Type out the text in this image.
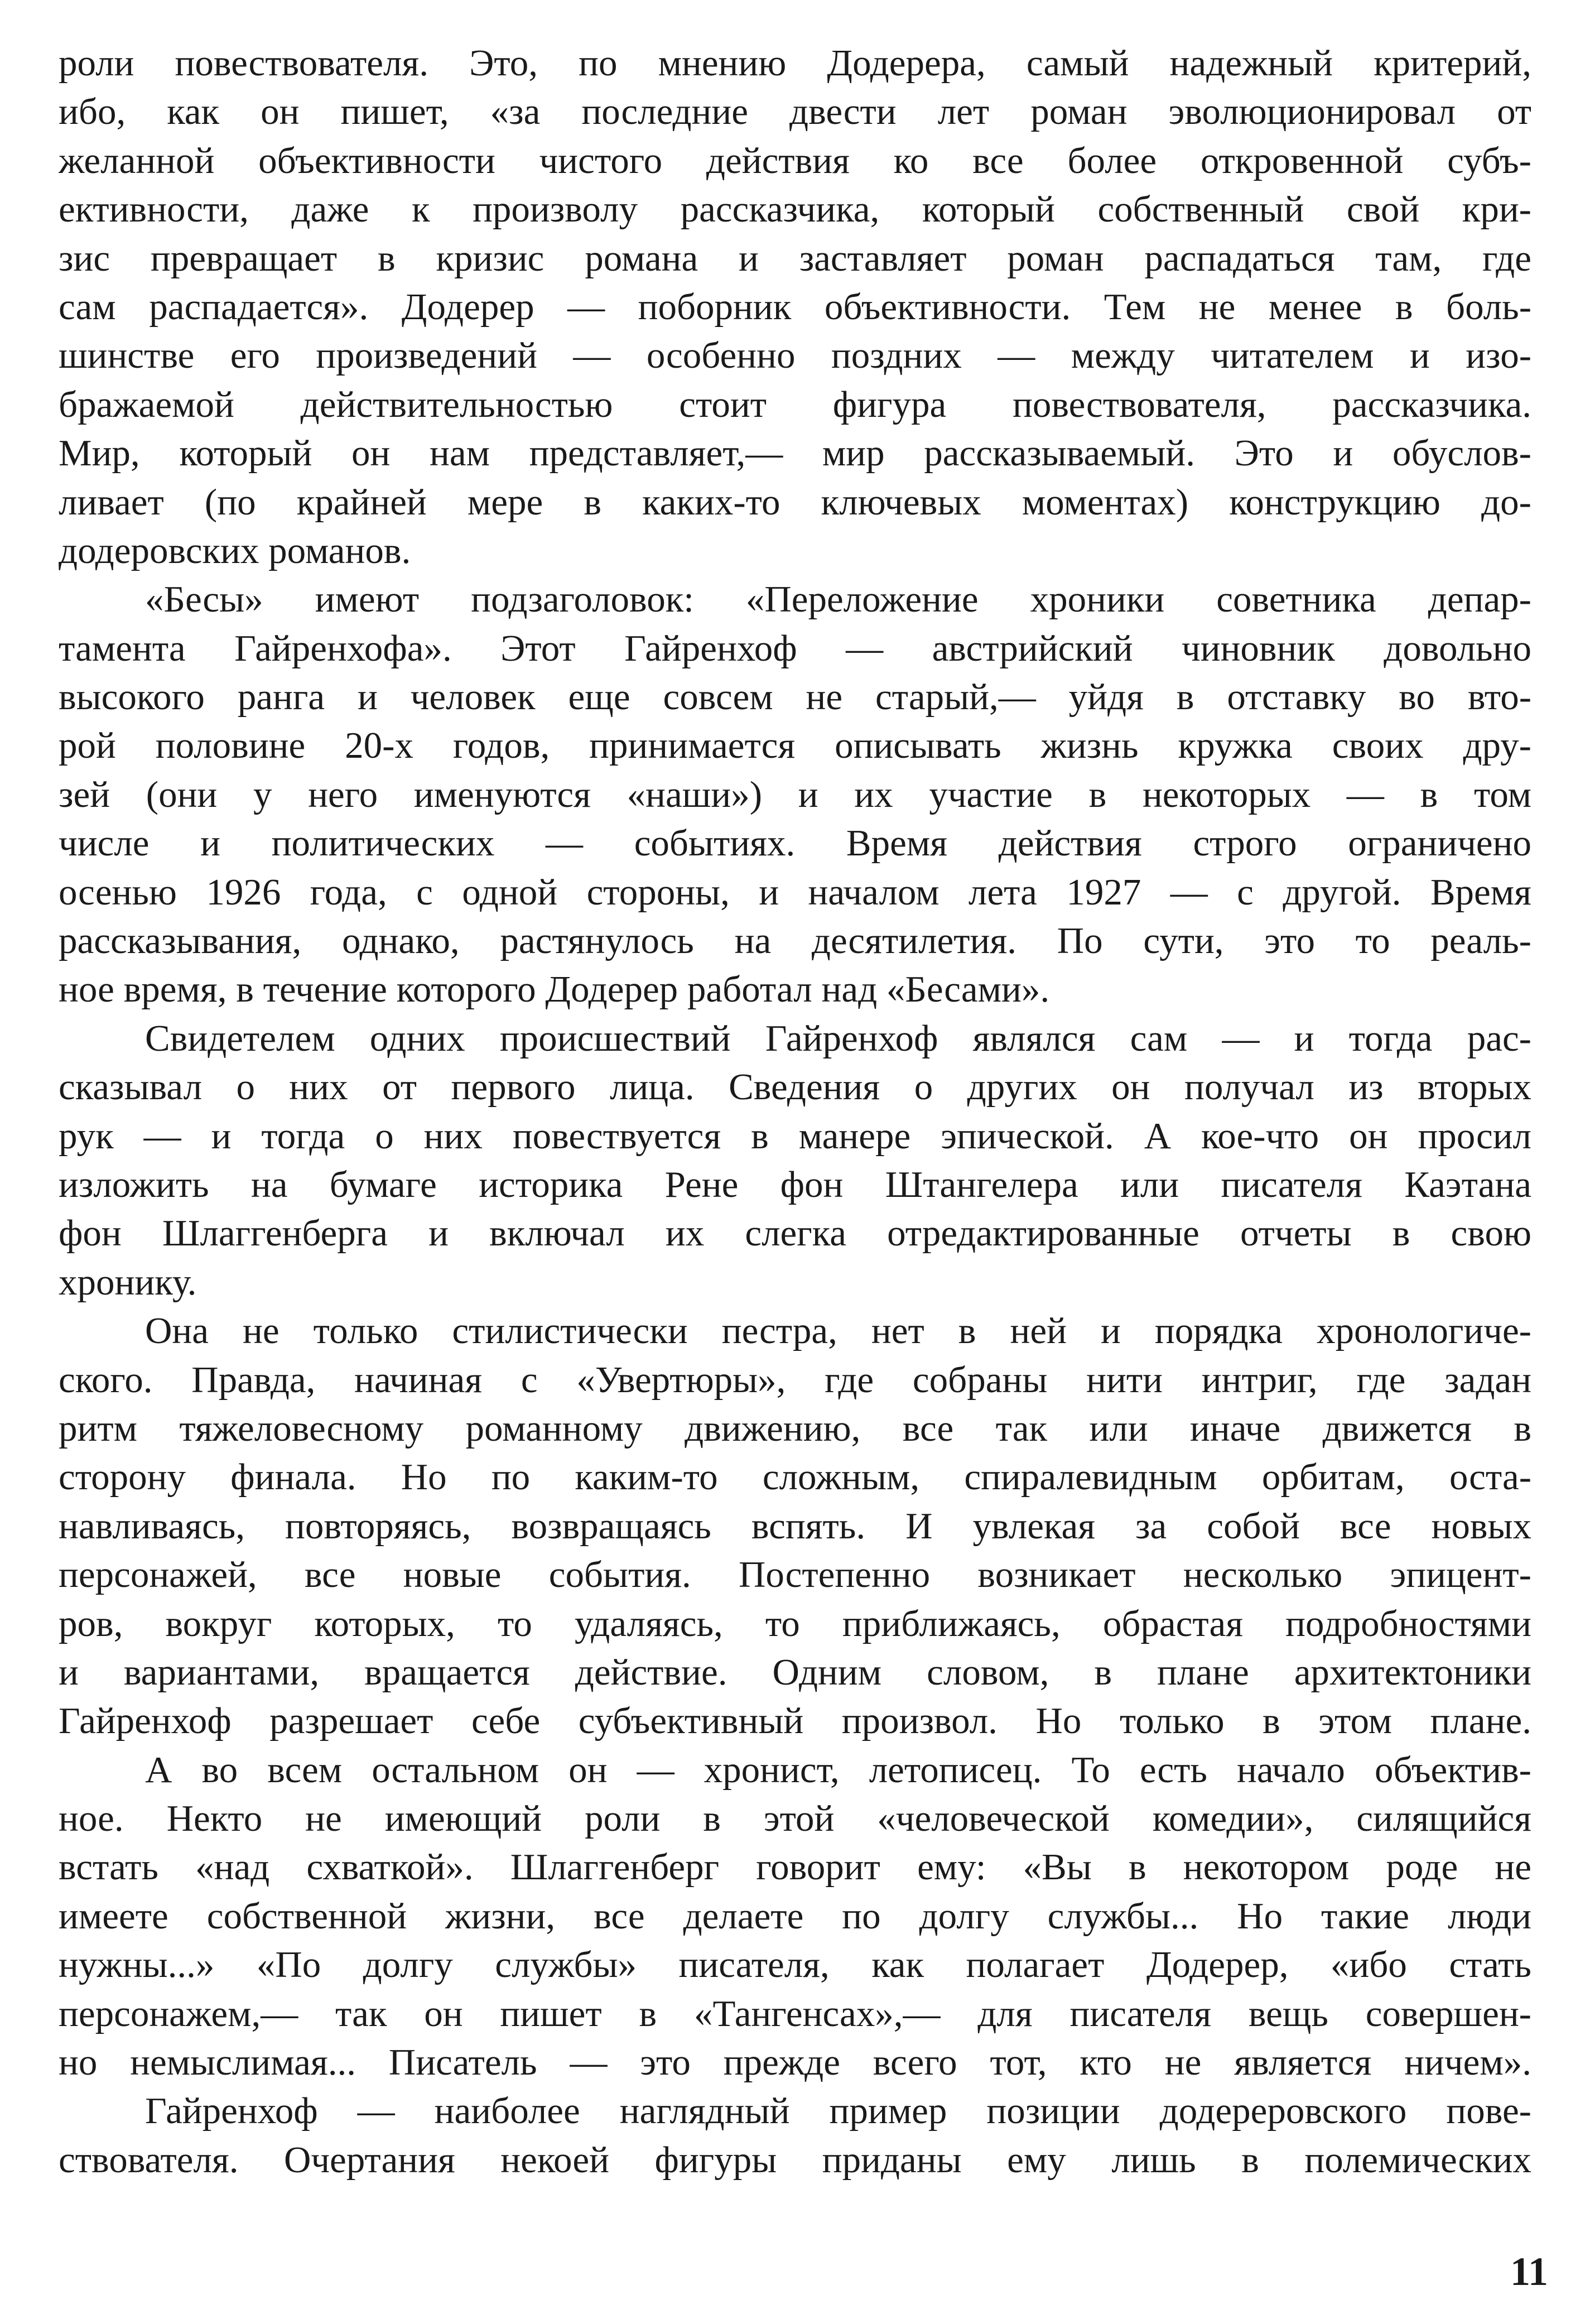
роли повествователя. Это, по мнению Додерера, самый надежный критерий,
ибо, как он пишет, «за последние двести лет роман эволюционировал от
желанной объективности чистого действия ко все более откровенной субъ-
ективности, даже к произволу рассказчика, который собственный свой кри-
зис превращает в кризис романа и заставляет роман распадаться там, где
сам распадается». Додерер — поборник объективности. Тем не менее в боль-
шинстве его произведений — особенно поздних — между читателем и изо-
бражаемой действительностью стоит фигура повествователя, рассказчика.
Мир, который он нам представляет,— мир рассказываемый. Это и обуслов-
ливает (по крайней мере в каких-то ключевых моментах) конструкцию до-
додеровских романов.
«Бесы» имеют подзаголовок: «Переложение хроники советника депар-
тамента Гайренхофа». Этот Гайренхоф — австрийский чиновник довольно
высокого ранга и человек еще совсем не старый,— уйдя в отставку во вто-
рой половине 20-х годов, принимается описывать жизнь кружка своих дру-
зей (они у него именуются «наши») и их участие в некоторых — в том
числе и политических — событиях. Время действия строго ограничено
осенью 1926 года, с одной стороны, и началом лета 1927 — с другой. Время
рассказывания, однако, растянулось на десятилетия. По сути, это то реаль-
ное время, в течение которого Додерер работал над «Бесами».
Свидетелем одних происшествий Гайренхоф являлся сам — и тогда рас-
сказывал о них от первого лица. Сведения о других он получал из вторых
рук — и тогда о них повествуется в манере эпической. А кое-что он просил
изложить на бумаге историка Рене фон Штангелера или писателя Каэтана
фон Шлаггенберга и включал их слегка отредактированные отчеты в свою
хронику.
Она не только стилистически пестра, нет в ней и порядка хронологиче-
ского. Правда, начиная с «Увертюры», где собраны нити интриг, где задан
ритм тяжеловесному романному движению, все так или иначе движется в
сторону финала. Но по каким-то сложным, спиралевидным орбитам, оста-
навливаясь, повторяясь, возвращаясь вспять. И увлекая за собой все новых
персонажей, все новые события. Постепенно возникает несколько эпицент-
ров, вокруг которых, то удаляясь, то приближаясь, обрастая подробностями
и вариантами, вращается действие. Одним словом, в плане архитектоники
Гайренхоф разрешает себе субъективный произвол. Но только в этом плане.
А во всем остальном он — хронист, летописец. То есть начало объектив-
ное. Некто не имеющий роли в этой «человеческой комедии», силящийся
встать «над схваткой». Шлаггенберг говорит ему: «Вы в некотором роде не
имеете собственной жизни, все делаете по долгу службы... Но такие люди
нужны...» «По долгу службы» писателя, как полагает Додерер, «ибо стать
персонажем,— так он пишет в «Тангенсах»,— для писателя вещь совершен-
но немыслимая... Писатель — это прежде всего тот, кто не является ничем».
Гайренхоф — наиболее наглядный пример позиции додереровского пове-
ствователя. Очертания некоей фигуры приданы ему лишь в полемических
11
